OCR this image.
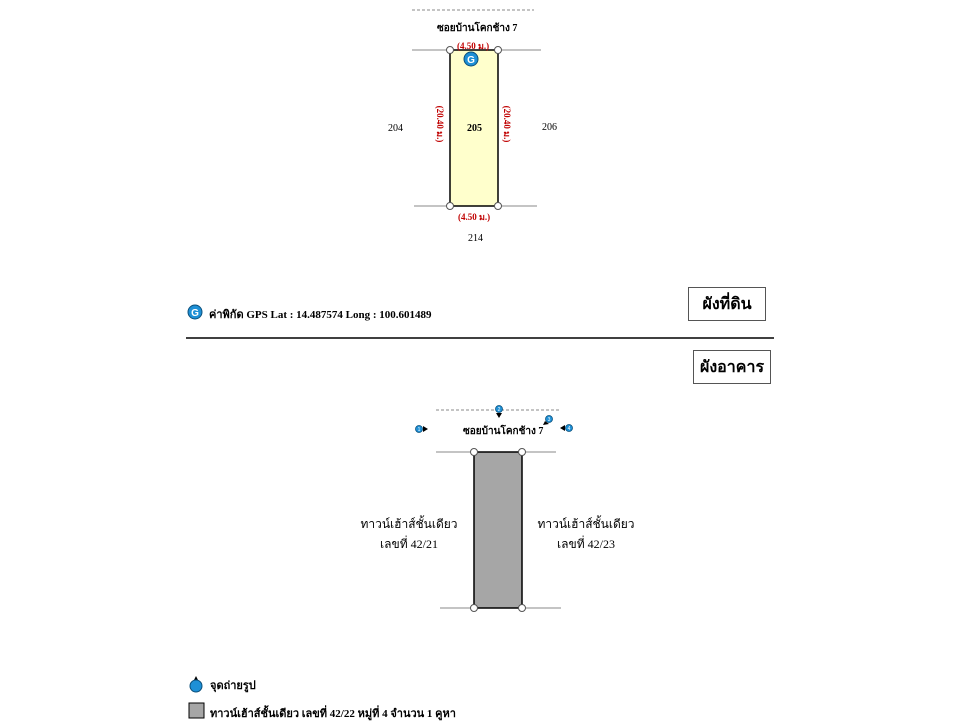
G
G
1
2
3
4
ซอยบ้านโคกช้าง 7
(4.50 ม.)
(4.50 ม.)
(20.40 ม.)	(20.40 ม.)
205
204	206
214
ค่าพิกัด GPS Lat : 14.487574 Long : 100.601489
ผังที่ดิน
ผังอาคาร
ซอยบ้านโคกช้าง 7
ทาวน์เฮ้าส์ชั้นเดียว
เลขที่ 42/21
ทาวน์เฮ้าส์ชั้นเดียว
เลขที่ 42/23
จุดถ่ายรูป
ทาวน์เฮ้าส์ชั้นเดียว เลขที่ 42/22 หมู่ที่ 4 จำนวน 1 คูหา
